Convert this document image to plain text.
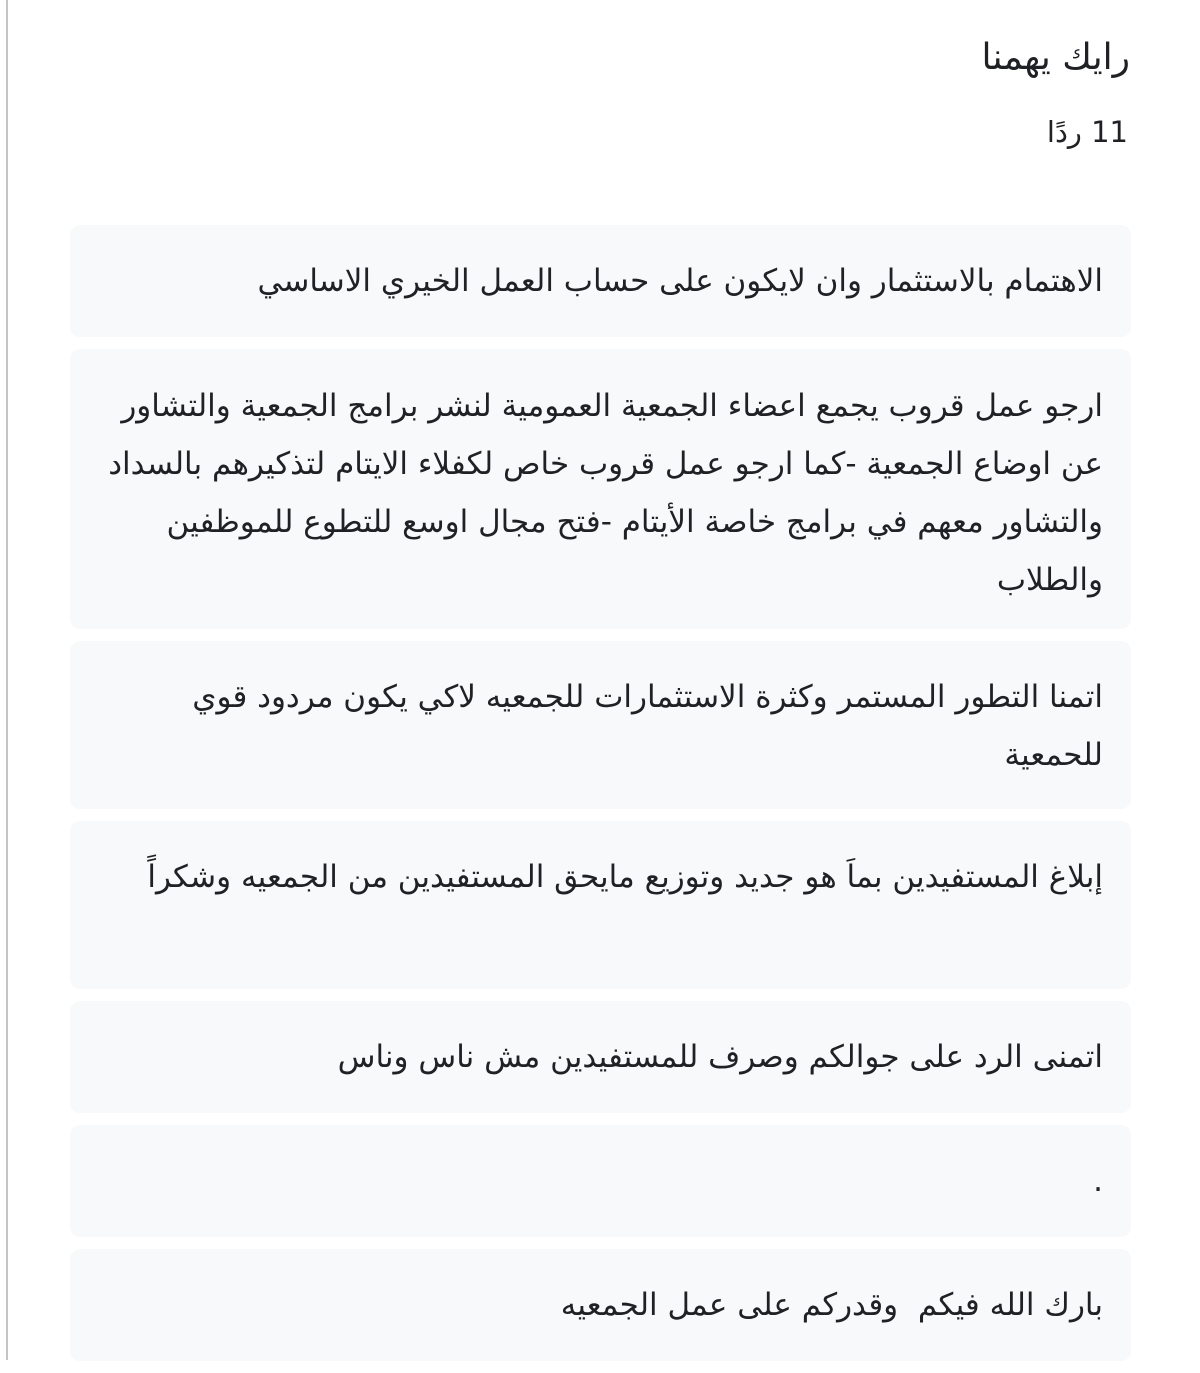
رايك يهمنا
11 ردًا
الاهتمام بالاستثمار وان لايكون على حساب العمل الخيري الاساسي
ارجو عمل قروب يجمع اعضاء الجمعية العمومية لنشر برامج الجمعية والتشاور عن اوضاع الجمعية -كما ارجو عمل قروب خاص لكفلاء الايتام لتذكيرهم بالسداد والتشاور معهم في برامج خاصة الأيتام -فتح مجال اوسع للتطوع للموظفين والطلاب
اتمنا التطور المستمر وكثرة الاستثمارات للجمعيه لاكي يكون مردود قوي للحمعية
إبلاغ المستفيدين بماَ هو جديد وتوزيع مايحق المستفيدين من الجمعيه وشكراً
اتمنى الرد على جوالكم وصرف للمستفيدين مش ناس وناس
.
بارك الله فيكم  وقدركم على عمل الجمعيه
